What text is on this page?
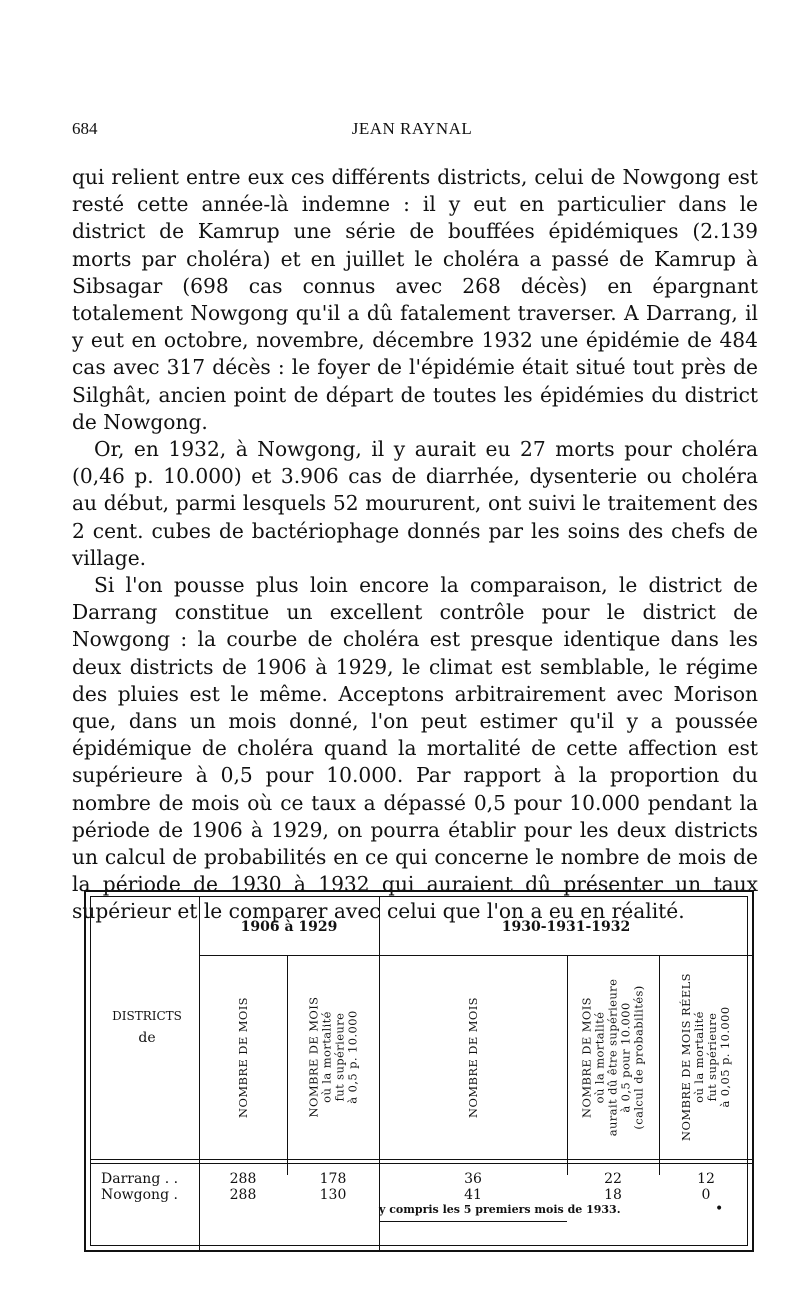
684	JEAN RAYNAL

qui relient entre eux ces différents districts, celui de Nowgong est resté cette année-là indemne : il y eut en particulier dans le district de Kamrup une série de bouffées épidémiques (2.139 morts par choléra) et en juillet le choléra a passé de Kamrup à Sibsagar (698 cas connus avec 268 décès) en épargnant totalement Nowgong qu'il a dû fatalement traverser. A Darrang, il y eut en octobre, novembre, décembre 1932 une épidémie de 484 cas avec 317 décès : le foyer de l'épidémie était situé tout près de Silghât, ancien point de départ de toutes les épidémies du district de Nowgong.

Or, en 1932, à Nowgong, il y aurait eu 27 morts pour choléra (0,46 p. 10.000) et 3.906 cas de diarrhée, dysenterie ou choléra au début, parmi lesquels 52 moururent, ont suivi le traitement des 2 cent. cubes de bactériophage donnés par les soins des chefs de village.

Si l'on pousse plus loin encore la comparaison, le district de Darrang constitue un excellent contrôle pour le district de Nowgong : la courbe de choléra est presque identique dans les deux districts de 1906 à 1929, le climat est semblable, le régime des pluies est le même. Acceptons arbitrairement avec Morison que, dans un mois donné, l'on peut estimer qu'il y a poussée épidémique de choléra quand la mortalité de cette affection est supérieure à 0,5 pour 10.000. Par rapport à la proportion du nombre de mois où ce taux a dépassé 0,5 pour 10.000 pendant la période de 1906 à 1929, on pourra établir pour les deux districts un calcul de probabilités en ce qui concerne le nombre de mois de la période de 1930 à 1932 qui auraient dû présenter un taux supérieur et le comparer avec celui que l'on a eu en réalité.

1906 à 1929	1930-1931-1932
DISTRICTS
de	NOMBRE DE MOIS	NOMBRE DE MOIS où la mortalité fut supérieure à 0,5 p. 10.000	NOMBRE DE MOIS	NOMBRE DE MOIS où la mortalité aurait dû être supérieure à 0,5 pour 10.000 (calcul de probabilités)	NOMBRE DE MOIS RÉELS où la mortalité fut supérieure à 0,05 p. 10.000
Darrang . .	288	178	36	22	12
Nowgong .	288	130	41	18	0
y compris les 5 premiers mois de 1933.	•
